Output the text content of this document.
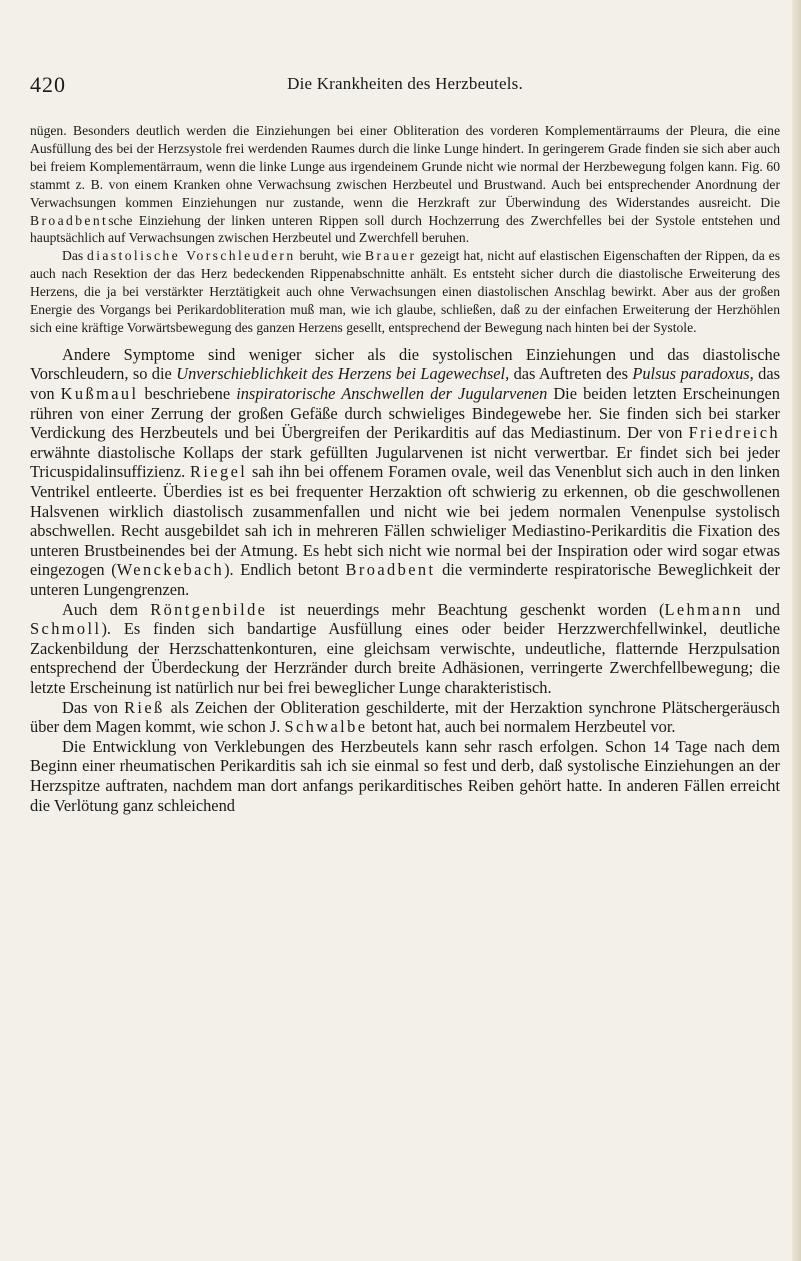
420	Die Krankheiten des Herzbeutels.

nügen. Besonders deutlich werden die Einziehungen bei einer Obliteration des vorderen Komplementärraums der Pleura, die eine Ausfüllung des bei der Herzsystole frei werdenden Raumes durch die linke Lunge hindert. In geringerem Grade finden sie sich aber auch bei freiem Komplementärraum, wenn die linke Lunge aus irgendeinem Grunde nicht wie normal der Herzbewegung folgen kann. Fig. 60 stammt z. B. von einem Kranken ohne Verwachsung zwischen Herzbeutel und Brustwand. Auch bei entsprechender Anordnung der Verwachsungen kommen Einziehungen nur zustande, wenn die Herzkraft zur Überwindung des Widerstandes ausreicht. Die Broadbentsche Einziehung der linken unteren Rippen soll durch Hochzerrung des Zwerchfelles bei der Systole entstehen und hauptsächlich auf Verwachsungen zwischen Herzbeutel und Zwerchfell beruhen.

Das diastolische Vorschleudern beruht, wie Brauer gezeigt hat, nicht auf elastischen Eigenschaften der Rippen, da es auch nach Resektion der das Herz bedeckenden Rippenabschnitte anhält. Es entsteht sicher durch die diastolische Erweiterung des Herzens, die ja bei verstärkter Herztätigkeit auch ohne Verwachsungen einen diastolischen Anschlag bewirkt. Aber aus der großen Energie des Vorgangs bei Perikardobliteration muß man, wie ich glaube, schließen, daß zu der einfachen Erweiterung der Herzhöhlen sich eine kräftige Vorwärtsbewegung des ganzen Herzens gesellt, entsprechend der Bewegung nach hinten bei der Systole.

Andere Symptome sind weniger sicher als die systolischen Einziehungen und das diastolische Vorschleudern, so die Unverschieblichkeit des Herzens bei Lagewechsel, das Auftreten des Pulsus paradoxus, das von Kußmaul beschriebene inspiratorische Anschwellen der Jugularvenen Die beiden letzten Erscheinungen rühren von einer Zerrung der großen Gefäße durch schwieliges Bindegewebe her. Sie finden sich bei starker Verdickung des Herzbeutels und bei Übergreifen der Perikarditis auf das Mediastinum. Der von Friedreich erwähnte diastolische Kollaps der stark gefüllten Jugularvenen ist nicht verwertbar. Er findet sich bei jeder Tricuspidalinsuffizienz. Riegel sah ihn bei offenem Foramen ovale, weil das Venenblut sich auch in den linken Ventrikel entleerte. Überdies ist es bei frequenter Herzaktion oft schwierig zu erkennen, ob die geschwollenen Halsvenen wirklich diastolisch zusammenfallen und nicht wie bei jedem normalen Venenpulse systolisch abschwellen. Recht ausgebildet sah ich in mehreren Fällen schwieliger Mediastino-Perikarditis die Fixation des unteren Brustbeinendes bei der Atmung. Es hebt sich nicht wie normal bei der Inspiration oder wird sogar etwas eingezogen (Wenckebach). Endlich betont Broadbent die verminderte respiratorische Beweglichkeit der unteren Lungengrenzen.

Auch dem Röntgenbilde ist neuerdings mehr Beachtung geschenkt worden (Lehmann und Schmoll). Es finden sich bandartige Ausfüllung eines oder beider Herzzwerchfellwinkel, deutliche Zackenbildung der Herzschattenkonturen, eine gleichsam verwischte, undeutliche, flatternde Herzpulsation entsprechend der Überdeckung der Herzränder durch breite Adhäsionen, verringerte Zwerchfellbewegung; die letzte Erscheinung ist natürlich nur bei frei beweglicher Lunge charakteristisch.

Das von Rieß als Zeichen der Obliteration geschilderte, mit der Herzaktion synchrone Plätschergeräusch über dem Magen kommt, wie schon J. Schwalbe betont hat, auch bei normalem Herzbeutel vor.

Die Entwicklung von Verklebungen des Herzbeutels kann sehr rasch erfolgen. Schon 14 Tage nach dem Beginn einer rheumatischen Perikarditis sah ich sie einmal so fest und derb, daß systolische Einziehungen an der Herzspitze auftraten, nachdem man dort anfangs perikarditisches Reiben gehört hatte. In anderen Fällen erreicht die Verlötung ganz schleichend
